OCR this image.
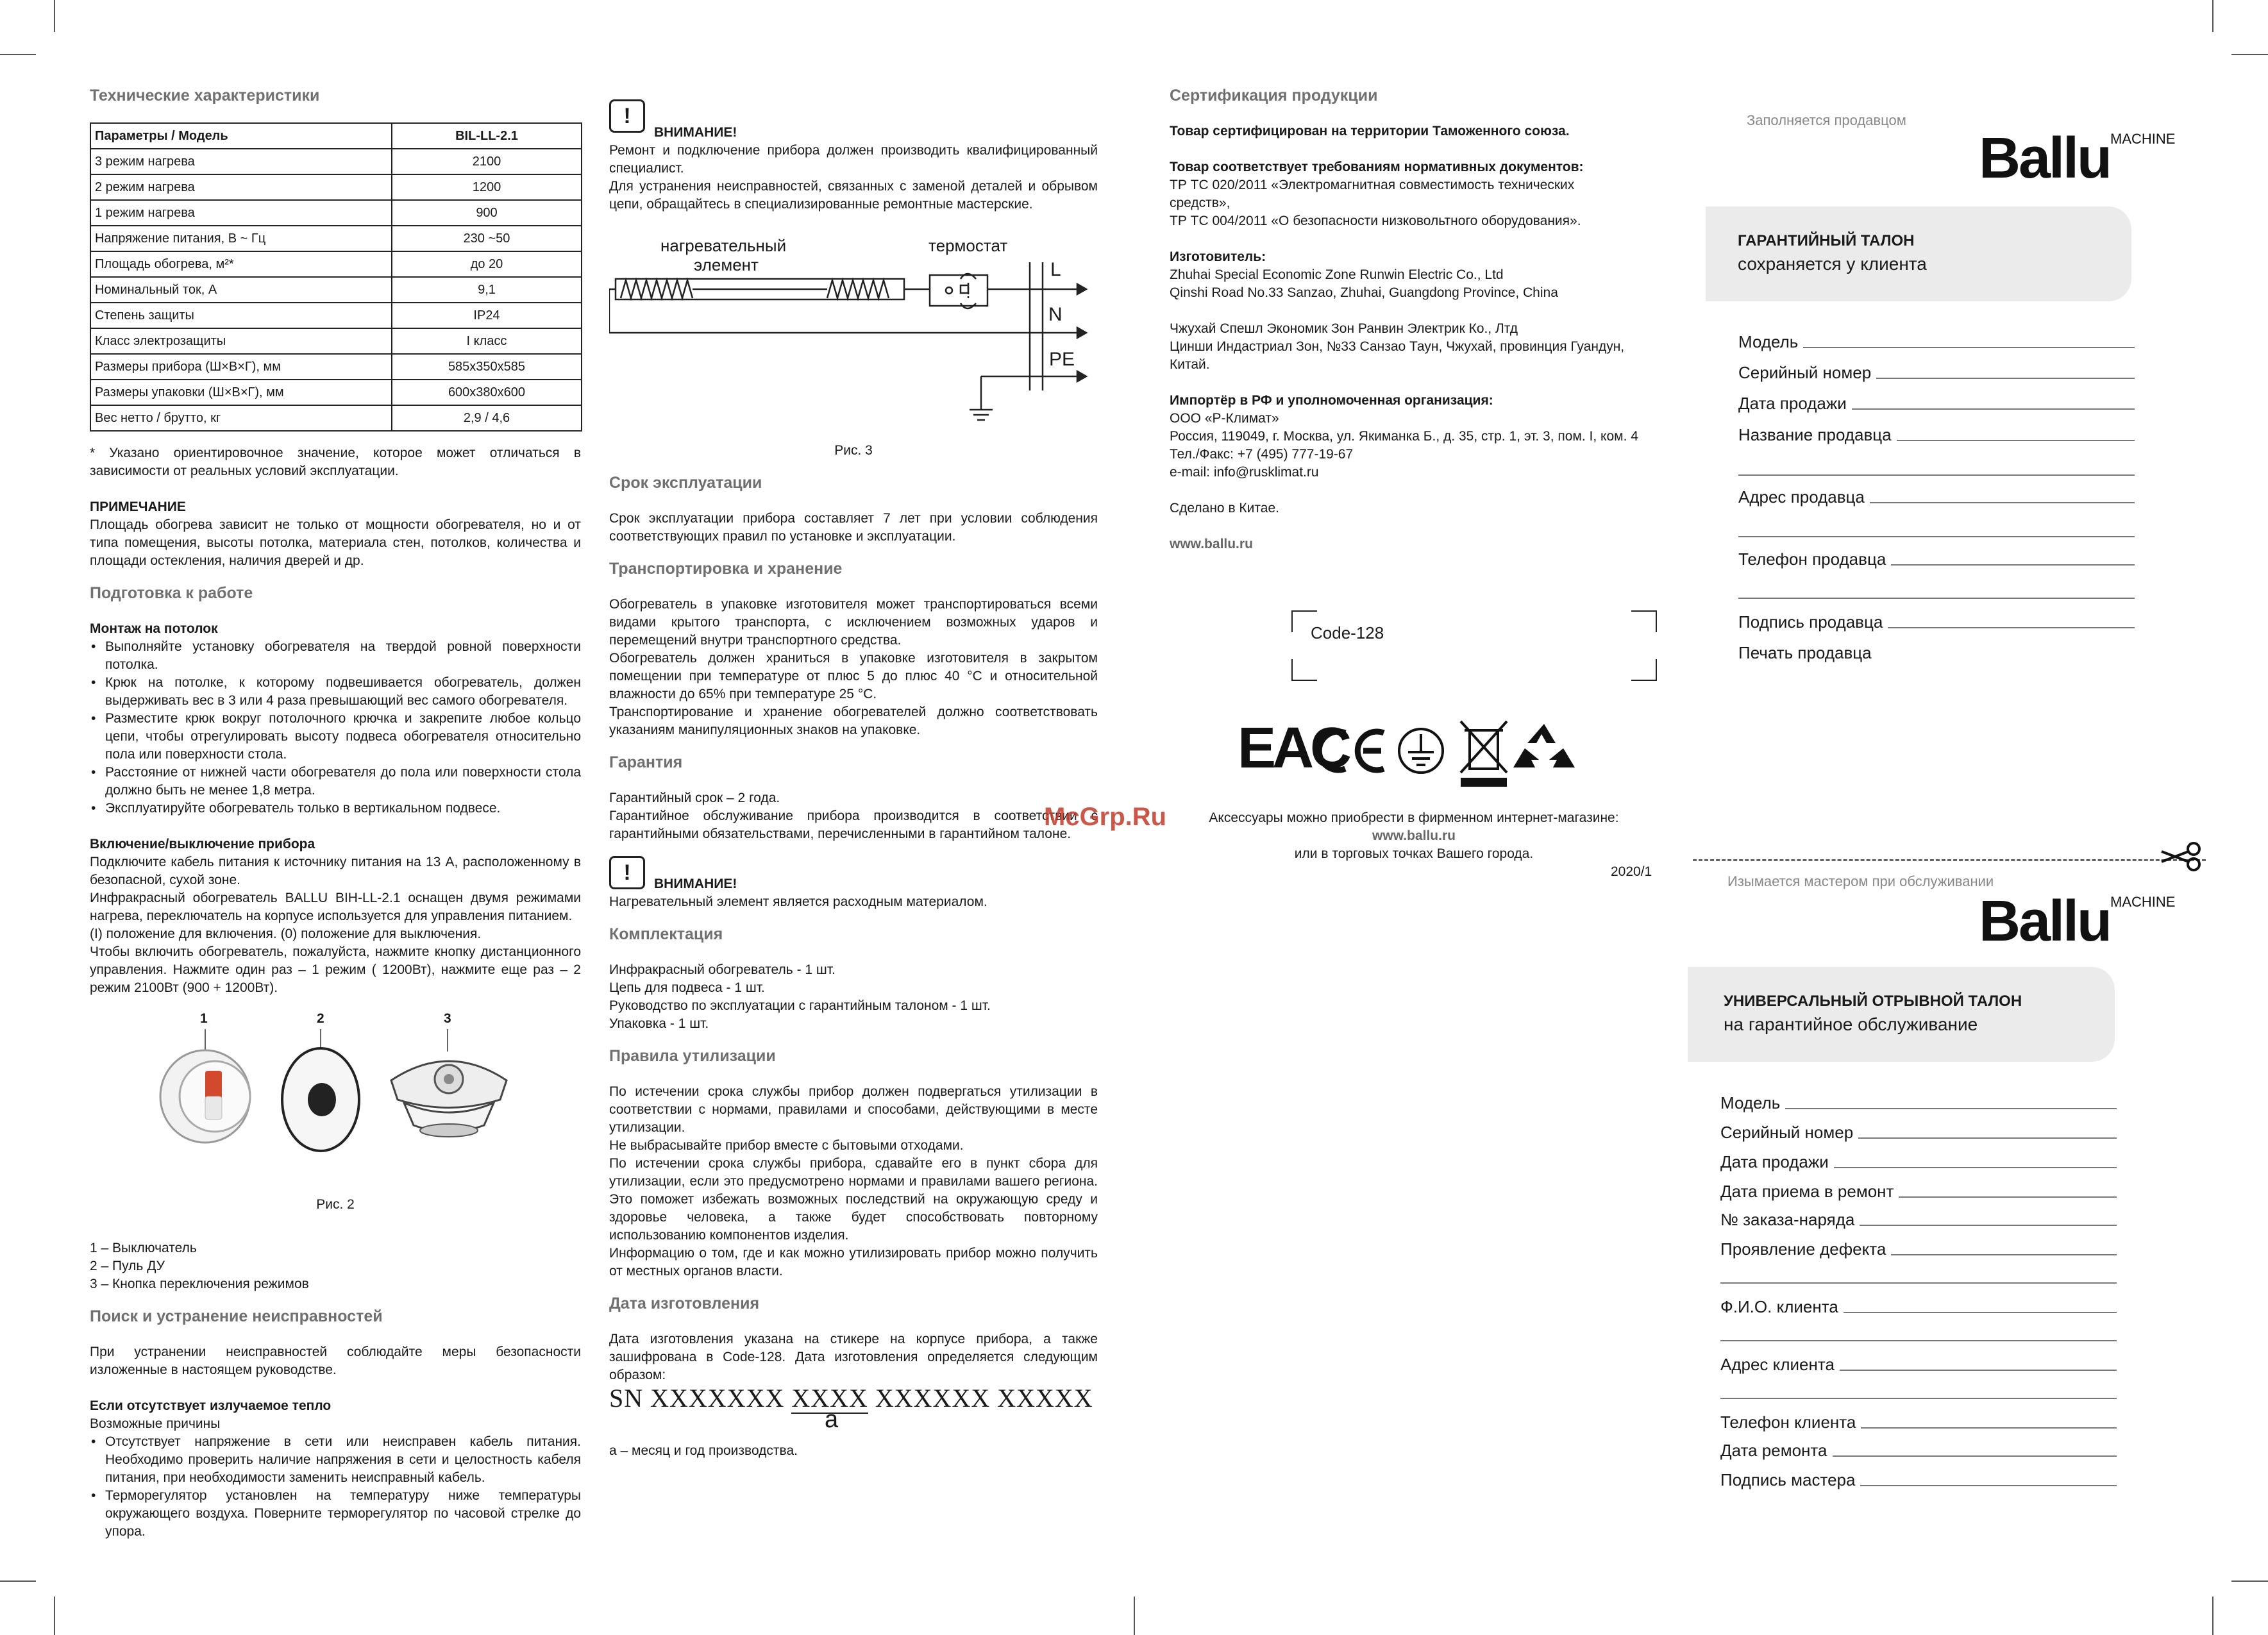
Технические характеристики
Параметры / Модель	BIL-LL-2.1
3 режим нагрева	2100
2 режим нагрева	1200
1 режим нагрева	900
Напряжение питания, В ~ Гц	230 ~50
Площадь обогрева, м²*	до 20
Номинальный ток, А	9,1
Степень защиты	IP24
Класс электрозащиты	I класс
Размеры прибора (Ш×В×Г), мм	585x350x585
Размеры упаковки (Ш×В×Г), мм	600x380x600
Вес нетто / брутто, кг	2,9 / 4,6

* Указано ориентировочное значение, которое может отличаться в зависимости от реальных условий эксплуатации.

ПРИМЕЧАНИЕ

Площадь обогрева зависит не только от мощности обогревателя, но и от типа помещения, высоты потолка, материала стен, потолков, количества и площади остекления, наличия дверей и др.

Подготовка к работе

Монтаж на потолок

• Выполняйте установку обогревателя на твердой ровной поверхности потолка.
• Крюк на потолке, к которому подвешивается обогреватель, должен выдерживать вес в 3 или 4 раза превышающий вес самого обогревателя.
• Разместите крюк вокруг потолочного крючка и закрепите любое кольцо цепи, чтобы отрегулировать высоту подвеса обогревателя относительно пола или поверхности стола.
• Расстояние от нижней части обогревателя до пола или поверхности стола должно быть не менее 1,8 метра.
• Эксплуатируйте обогреватель только в вертикальном подвесе.

Включение/выключение прибора

Подключите кабель питания к источнику питания на 13 А, расположенному в безопасной, сухой зоне.

Инфракрасный обогреватель BALLU BIH-LL-2.1 оснащен двумя режимами нагрева, переключатель на корпусе используется для управления питанием.

(I) положение для включения. (0) положение для выключения.

Чтобы включить обогреватель, пожалуйста, нажмите кнопку дистанционного управления. Нажмите один раз – 1 режим ( 1200Вт), нажмите еще раз – 2 режим 2100Вт (900 + 1200Вт).

1	2	3

Рис. 2

1 – Выключатель

2 – Пуль ДУ

3 – Кнопка переключения режимов

Поиск и устранение неисправностей

При устранении неисправностей соблюдайте меры безопасности изложенные в настоящем руководстве.

Если отсутствует излучаемое тепло

Возможные причины

• Отсутствует напряжение в сети или неисправен кабель питания. Необходимо проверить наличие напряжения в сети и целостность кабеля питания, при необходимости заменить неисправный кабель.
• Терморегулятор установлен на температуру ниже температуры окружающего воздуха. Поверните терморегулятор по часовой стрелке до упора.
!

ВНИМАНИЕ!

Ремонт и подключение прибора должен производить квалифицированный специалист.

Для устранения неисправностей, связанных с заменой деталей и обрывом цепи, обращайтесь в специализированные ремонтные мастерские.

нагревательный
элемент
термостат
L
N
PE

Рис. 3

Срок эксплуатации

Срок эксплуатации прибора составляет 7 лет при условии соблюдения соответствующих правил по установке и эксплуатации.

Транспортировка и хранение

Обогреватель в упаковке изготовителя может транспортироваться всеми видами крытого транспорта, с исключением возможных ударов и перемещений внутри транспортного средства.

Обогреватель должен храниться в упаковке изготовителя в закрытом помещении при температуре от плюс 5 до плюс 40 °C и относительной влажности до 65% при температуре 25 °C.

Транспортирование и хранение обогревателей должно соответствовать указаниям манипуляционных знаков на упаковке.

Гарантия

Гарантийный срок – 2 года.

Гарантийное обслуживание прибора производится в соответствии с гарантийными обязательствами, перечисленными в гарантийном талоне.

!	ВНИМАНИЕ!

Нагревательный элемент является расходным материалом.

Комплектация

Инфракрасный обогреватель - 1 шт.

Цепь для подвеса - 1 шт.

Руководство по эксплуатации с гарантийным талоном - 1 шт.

Упаковка - 1 шт.

Правила утилизации

По истечении срока службы прибор должен подвергаться утилизации в соответствии с нормами, правилами и способами, действующими в месте утилизации.

Не выбрасывайте прибор вместе с бытовыми отходами.

По истечении срока службы прибора, сдавайте его в пункт сбора для утилизации, если это предусмотрено нормами и правилами вашего региона. Это поможет избежать возможных последствий на окружающую среду и здоровье человека, а также будет способствовать повторному использованию компонентов изделия.

Информацию о том, где и как можно утилизировать прибор можно получить от местных органов власти.

Дата изготовления

Дата изготовления указана на стикере на корпусе прибора, а также зашифрована в Code-128. Дата изготовления определяется следующим образом:

SN XXXXXXX XXXX XXXXXX XXXXX

a

a – месяц и год производства.

Сертификация продукции

Товар сертифицирован на территории Таможенного союза.

Товар соответствует требованиям нормативных документов:

ТР ТС 020/2011 «Электромагнитная совместимость технических средств»,

ТР ТС 004/2011 «О безопасности низковольтного оборудования».

Изготовитель:

Zhuhai Special Economic Zone Runwin Electric Co., Ltd

Qinshi Road No.33 Sanzao, Zhuhai, Guangdong Province, China

Чжухай Спешл Экономик Зон Ранвин Электрик Ко., Лтд

Цинши Индастриал Зон, №33 Санзао Таун, Чжухай, провинция Гуандун, Китай.

Импортёр в РФ и уполномоченная организация:

ООО «Р-Климат»

Россия, 119049, г. Москва, ул. Якиманка Б., д. 35, стр. 1, эт. 3, пом. I, ком. 4

Тел./Факс: +7 (495) 777-19-67

e-mail: info@rusklimat.ru

Сделано в Китае.

www.ballu.ru

Code-128
EAC
McGrp.Ru	Аксессуары можно приобрести в фирменном интернет-магазине:

www.ballu.ru

или в торговых точках Вашего города.

2020/1
Заполняется продавцом
Ballu MACHINE

ГАРАНТИЙНЫЙ ТАЛОН

сохраняется у клиента

Модель
Серийный номер
Дата продажи
Название продавца
Адрес продавца
Телефон продавца
Подпись продавца
Печать продавца
Изымается мастером при обслуживании
Ballu MACHINE

УНИВЕРСАЛЬНЫЙ ОТРЫВНОЙ ТАЛОН

на гарантийное обслуживание

Модель
Серийный номер
Дата продажи
Дата приема в ремонт
№ заказа-наряда
Проявление дефекта
Ф.И.О. клиента
Адрес клиента
Телефон клиента
Дата ремонта
Подпись мастера
